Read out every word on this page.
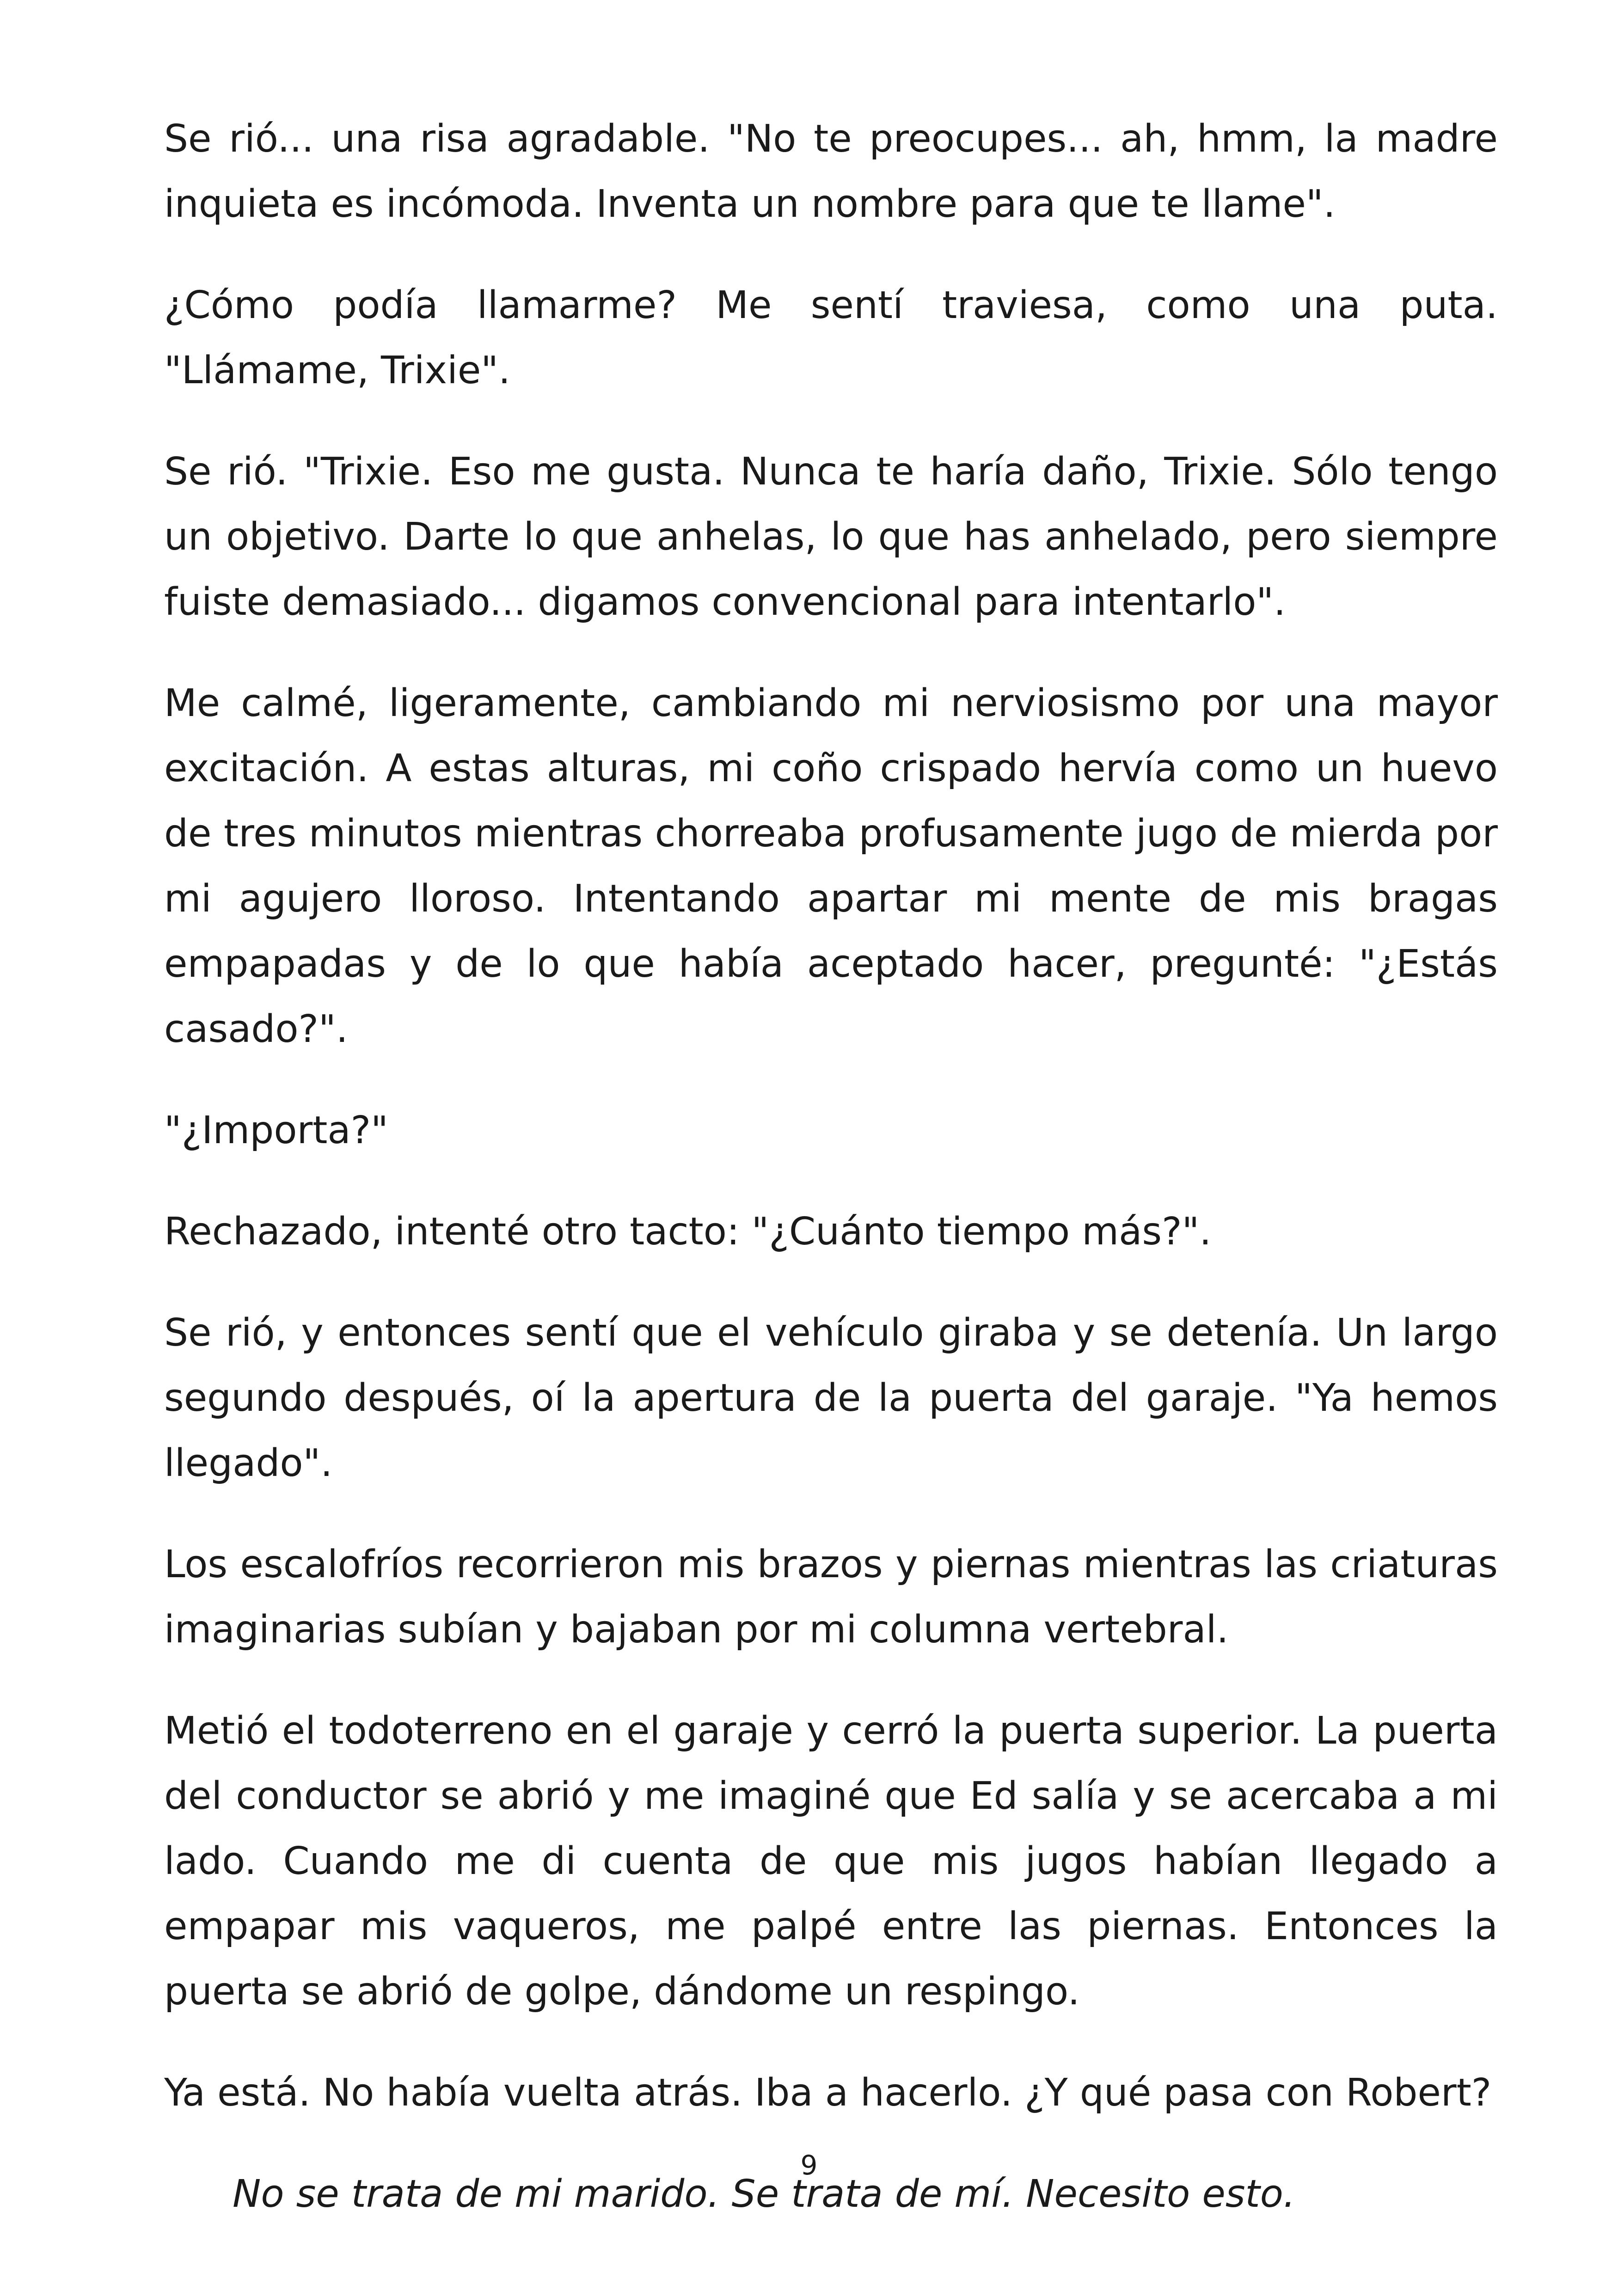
Se rió... una risa agradable. "No te preocupes... ah, hmm, la madre inquieta es incómoda. Inventa un nombre para que te llame".

¿Cómo podía llamarme? Me sentí traviesa, como una puta. "Llámame, Trixie".

Se rió. "Trixie. Eso me gusta. Nunca te haría daño, Trixie. Sólo tengo un objetivo. Darte lo que anhelas, lo que has anhelado, pero siempre fuiste demasiado... digamos convencional para intentarlo".

Me calmé, ligeramente, cambiando mi nerviosismo por una mayor excitación. A estas alturas, mi coño crispado hervía como un huevo de tres minutos mientras chorreaba profusamente jugo de mierda por mi agujero lloroso. Intentando apartar mi mente de mis bragas empapadas y de lo que había aceptado hacer, pregunté: "¿Estás casado?".

"¿Importa?"

Rechazado, intenté otro tacto: "¿Cuánto tiempo más?".

Se rió, y entonces sentí que el vehículo giraba y se detenía. Un largo segundo después, oí la apertura de la puerta del garaje. "Ya hemos llegado".

Los escalofríos recorrieron mis brazos y piernas mientras las criaturas imaginarias subían y bajaban por mi columna vertebral.

Metió el todoterreno en el garaje y cerró la puerta superior. La puerta del conductor se abrió y me imaginé que Ed salía y se acercaba a mi lado. Cuando me di cuenta de que mis jugos habían llegado a empapar mis vaqueros, me palpé entre las piernas. Entonces la puerta se abrió de golpe, dándome un respingo.

Ya está. No había vuelta atrás. Iba a hacerlo. ¿Y qué pasa con Robert?

No se trata de mi marido. Se trata de mí. Necesito esto.

9
